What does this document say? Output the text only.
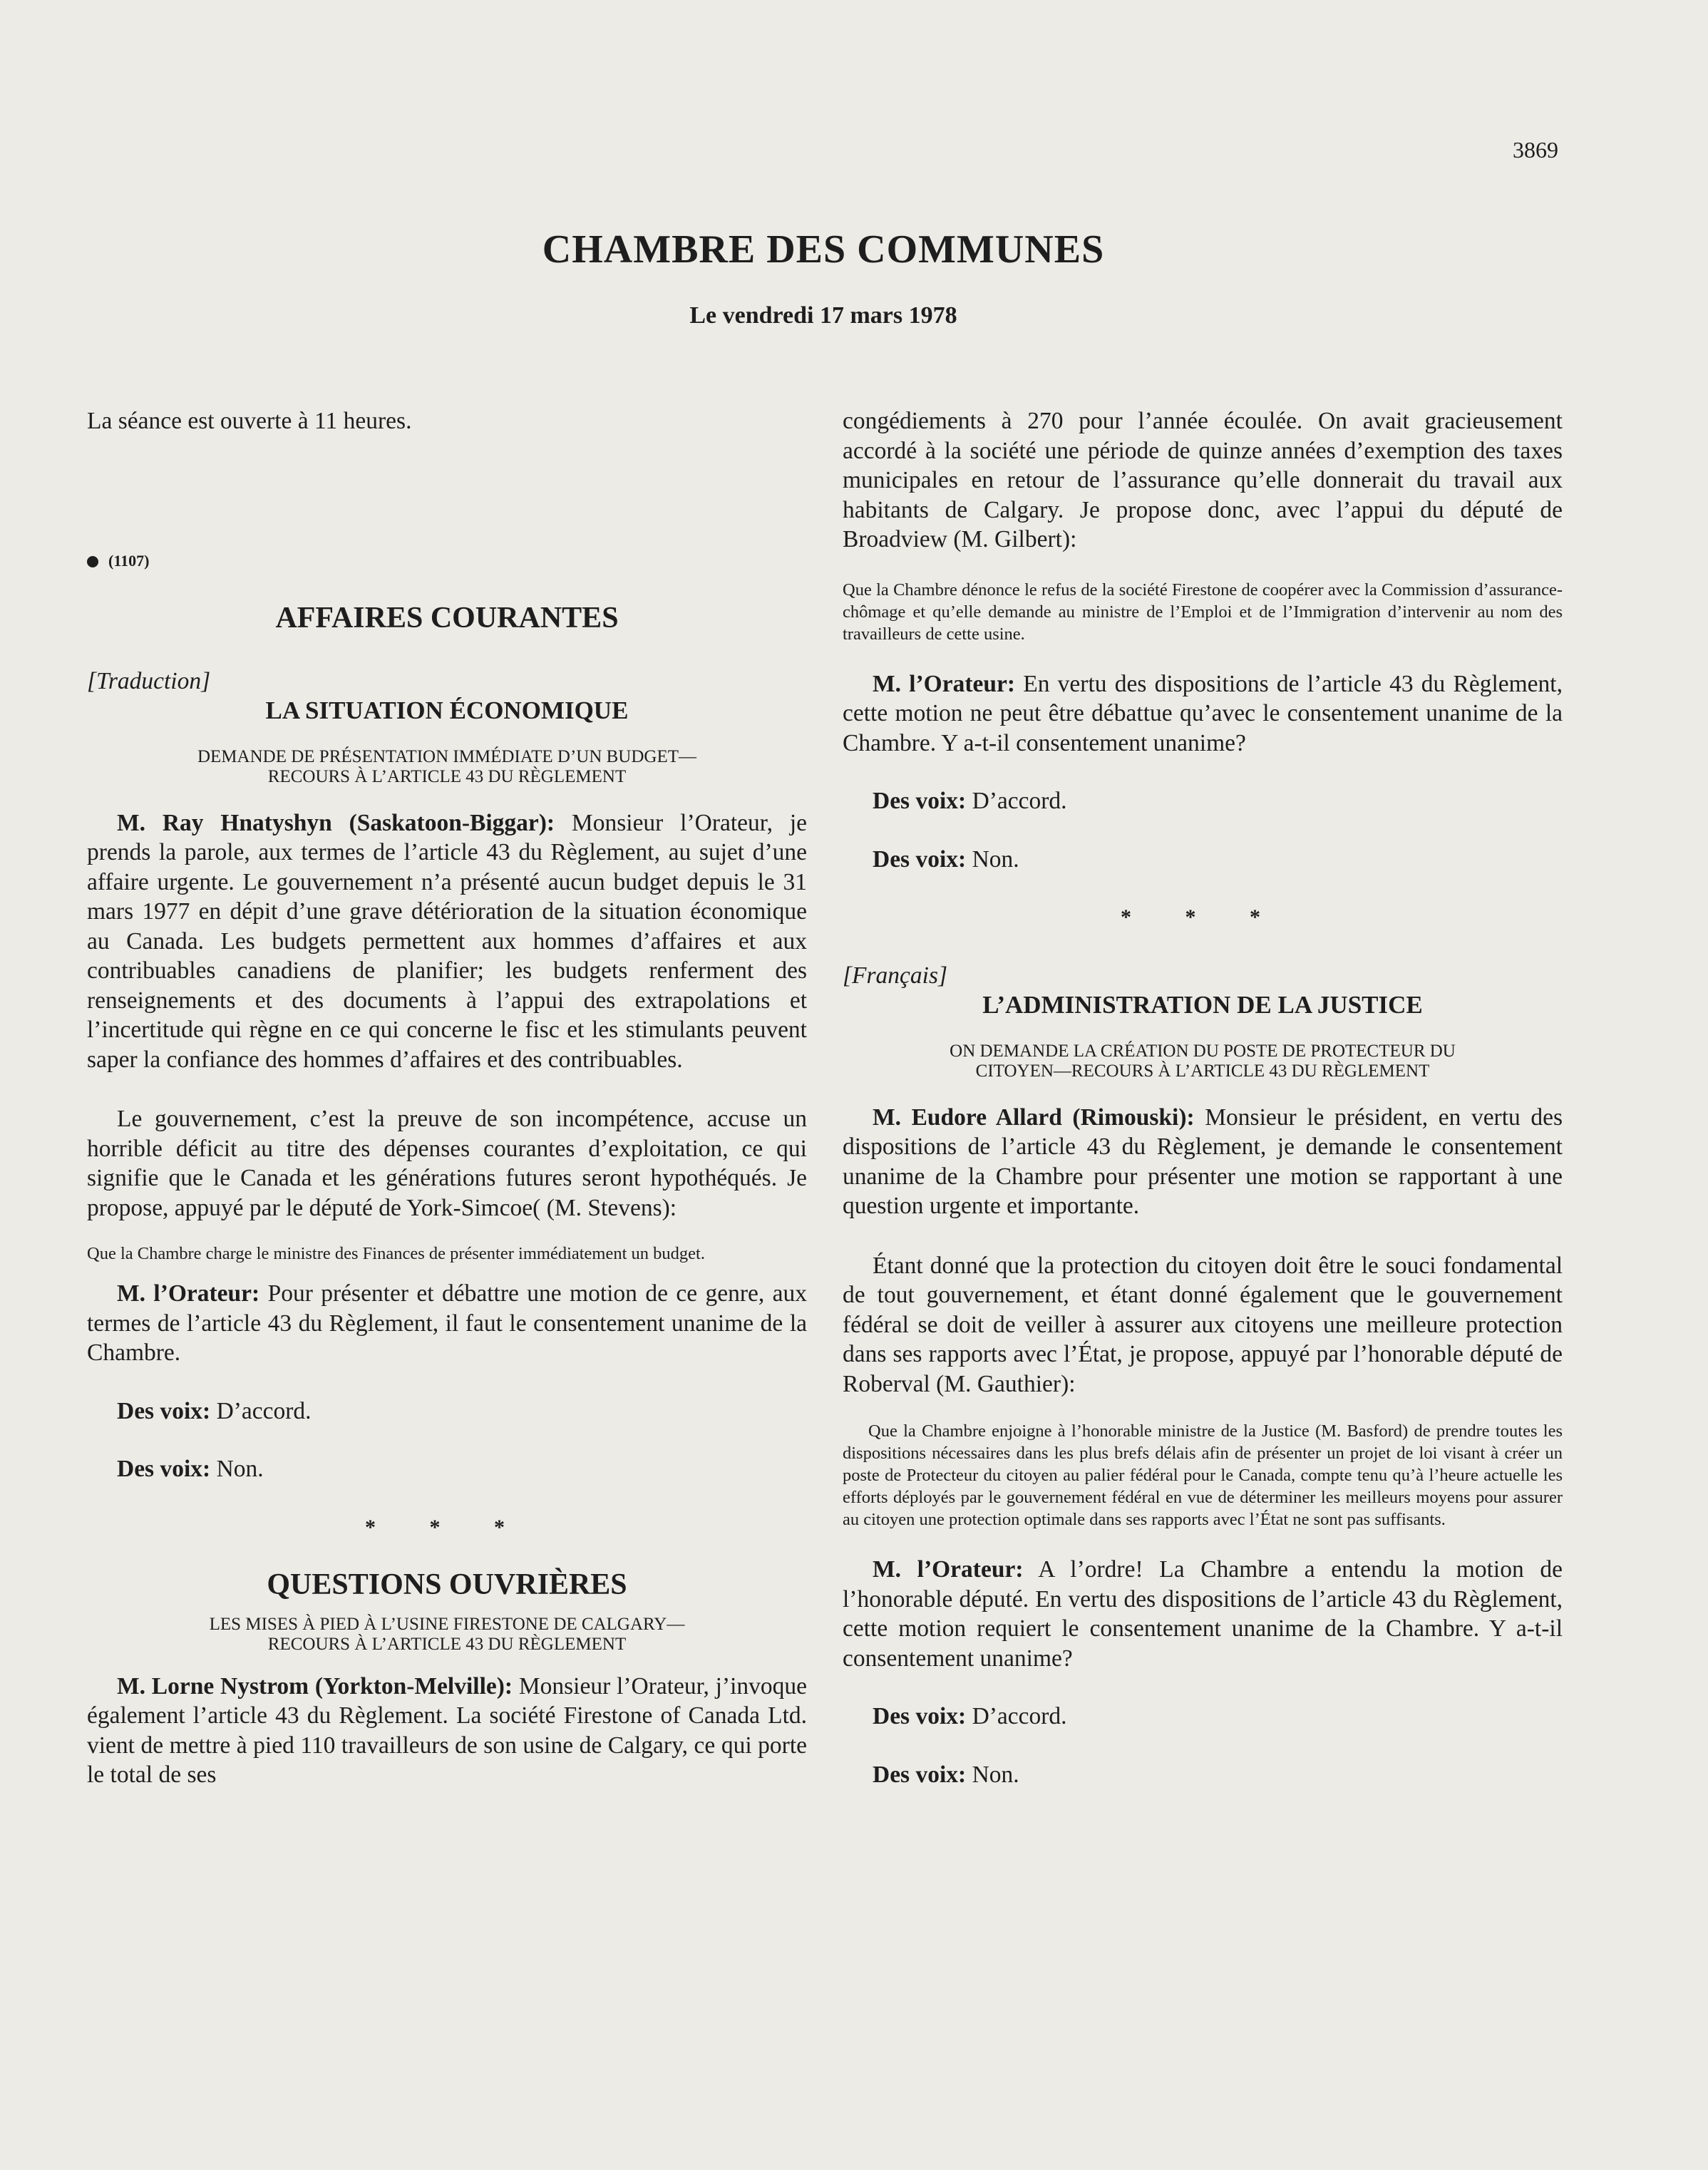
3869
CHAMBRE DES COMMUNES
Le vendredi 17 mars 1978

La séance est ouverte à 11 heures.

(1107)
AFFAIRES COURANTES
[Traduction]
LA SITUATION ÉCONOMIQUE
DEMANDE DE PRÉSENTATION IMMÉDIATE D’UN BUDGET—
RECOURS À L’ARTICLE 43 DU RÈGLEMENT

M. Ray Hnatyshyn (Saskatoon-Biggar): Monsieur l’Orateur, je prends la parole, aux termes de l’article 43 du Règlement, au sujet d’une affaire urgente. Le gouvernement n’a présenté aucun budget depuis le 31 mars 1977 en dépit d’une grave détérioration de la situation économique au Canada. Les budgets permettent aux hommes d’affaires et aux contribuables canadiens de planifier; les budgets renferment des renseignements et des documents à l’appui des extrapolations et l’incertitude qui règne en ce qui concerne le fisc et les stimulants peuvent saper la confiance des hommes d’affaires et des contribuables.

Le gouvernement, c’est la preuve de son incompétence, accuse un horrible déficit au titre des dépenses courantes d’exploitation, ce qui signifie que le Canada et les générations futures seront hypothéqués. Je propose, appuyé par le député de York-Simcoe( (M. Stevens):

Que la Chambre charge le ministre des Finances de présenter immédiatement un budget.

M. l’Orateur: Pour présenter et débattre une motion de ce genre, aux termes de l’article 43 du Règlement, il faut le consentement unanime de la Chambre.

Des voix: D’accord.

Des voix: Non.

* * *
QUESTIONS OUVRIÈRES
LES MISES À PIED À L’USINE FIRESTONE DE CALGARY—
RECOURS À L’ARTICLE 43 DU RÈGLEMENT

M. Lorne Nystrom (Yorkton-Melville): Monsieur l’Orateur, j’invoque également l’article 43 du Règlement. La société Firestone of Canada Ltd. vient de mettre à pied 110 travailleurs de son usine de Calgary, ce qui porte le total de ses

congédiements à 270 pour l’année écoulée. On avait gracieusement accordé à la société une période de quinze années d’exemption des taxes municipales en retour de l’assurance qu’elle donnerait du travail aux habitants de Calgary. Je propose donc, avec l’appui du député de Broadview (M. Gilbert):

Que la Chambre dénonce le refus de la société Firestone de coopérer avec la Commission d’assurance-chômage et qu’elle demande au ministre de l’Emploi et de l’Immigration d’intervenir au nom des travailleurs de cette usine.

M. l’Orateur: En vertu des dispositions de l’article 43 du Règlement, cette motion ne peut être débattue qu’avec le consentement unanime de la Chambre. Y a-t-il consentement unanime?

Des voix: D’accord.

Des voix: Non.

* * *
[Français]
L’ADMINISTRATION DE LA JUSTICE
ON DEMANDE LA CRÉATION DU POSTE DE PROTECTEUR DU
CITOYEN—RECOURS À L’ARTICLE 43 DU RÈGLEMENT

M. Eudore Allard (Rimouski): Monsieur le président, en vertu des dispositions de l’article 43 du Règlement, je demande le consentement unanime de la Chambre pour présenter une motion se rapportant à une question urgente et importante.

Étant donné que la protection du citoyen doit être le souci fondamental de tout gouvernement, et étant donné également que le gouvernement fédéral se doit de veiller à assurer aux citoyens une meilleure protection dans ses rapports avec l’État, je propose, appuyé par l’honorable député de Roberval (M. Gauthier):

Que la Chambre enjoigne à l’honorable ministre de la Justice (M. Basford) de prendre toutes les dispositions nécessaires dans les plus brefs délais afin de présenter un projet de loi visant à créer un poste de Protecteur du citoyen au palier fédéral pour le Canada, compte tenu qu’à l’heure actuelle les efforts déployés par le gouvernement fédéral en vue de déterminer les meilleurs moyens pour assurer au citoyen une protection optimale dans ses rapports avec l’État ne sont pas suffisants.

M. l’Orateur: A l’ordre! La Chambre a entendu la motion de l’honorable député. En vertu des dispositions de l’article 43 du Règlement, cette motion requiert le consentement unanime de la Chambre. Y a-t-il consentement unanime?

Des voix: D’accord.

Des voix: Non.
